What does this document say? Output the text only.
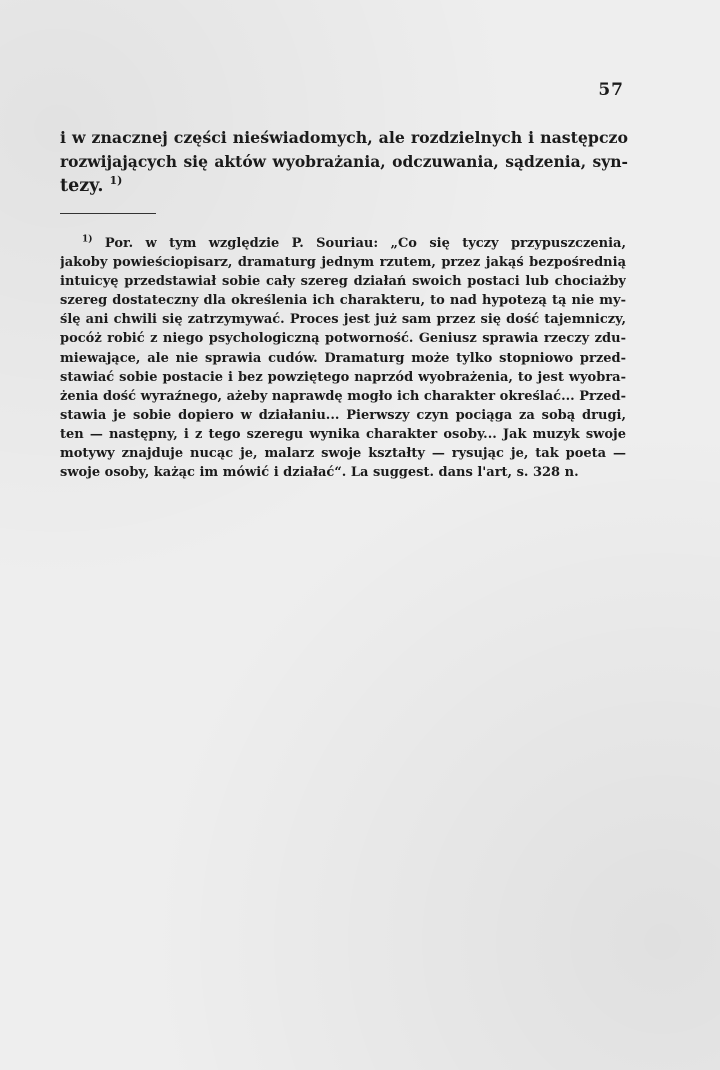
57
i w znacznej części nieświadomych, ale rozdzielnych i następczo
rozwijających się aktów wyobrażania, odczuwania, sądzenia, syn-
tezy. $^{1)}$
$^{1)}$ Por. w tym względzie P. Souriau: „Co się tyczy przypuszczenia,
jakoby powieściopisarz, dramaturg jednym rzutem, przez jakąś bezpośrednią
intuicyę przedstawiał sobie cały szereg działań swoich postaci lub chociażby
szereg dostateczny dla określenia ich charakteru, to nad hypotezą tą nie my-
ślę ani chwili się zatrzymywać. Proces jest już sam przez się dość tajemniczy,
pocóż robić z niego psychologiczną potworność. Geniusz sprawia rzeczy zdu-
miewające, ale nie sprawia cudów. Dramaturg może tylko stopniowo przed-
stawiać sobie postacie i bez powziętego naprzód wyobrażenia, to jest wyobra-
żenia dość wyraźnego, ażeby naprawdę mogło ich charakter określać... Przed-
stawia je sobie dopiero w działaniu... Pierwszy czyn pociąga za sobą drugi,
ten — następny, i z tego szeregu wynika charakter osoby... Jak muzyk swoje
motywy znajduje nucąc je, malarz swoje kształty — rysując je, tak poeta —
swoje osoby, każąc im mówić i działać“. La suggest. dans l'art, s. 328 n.
